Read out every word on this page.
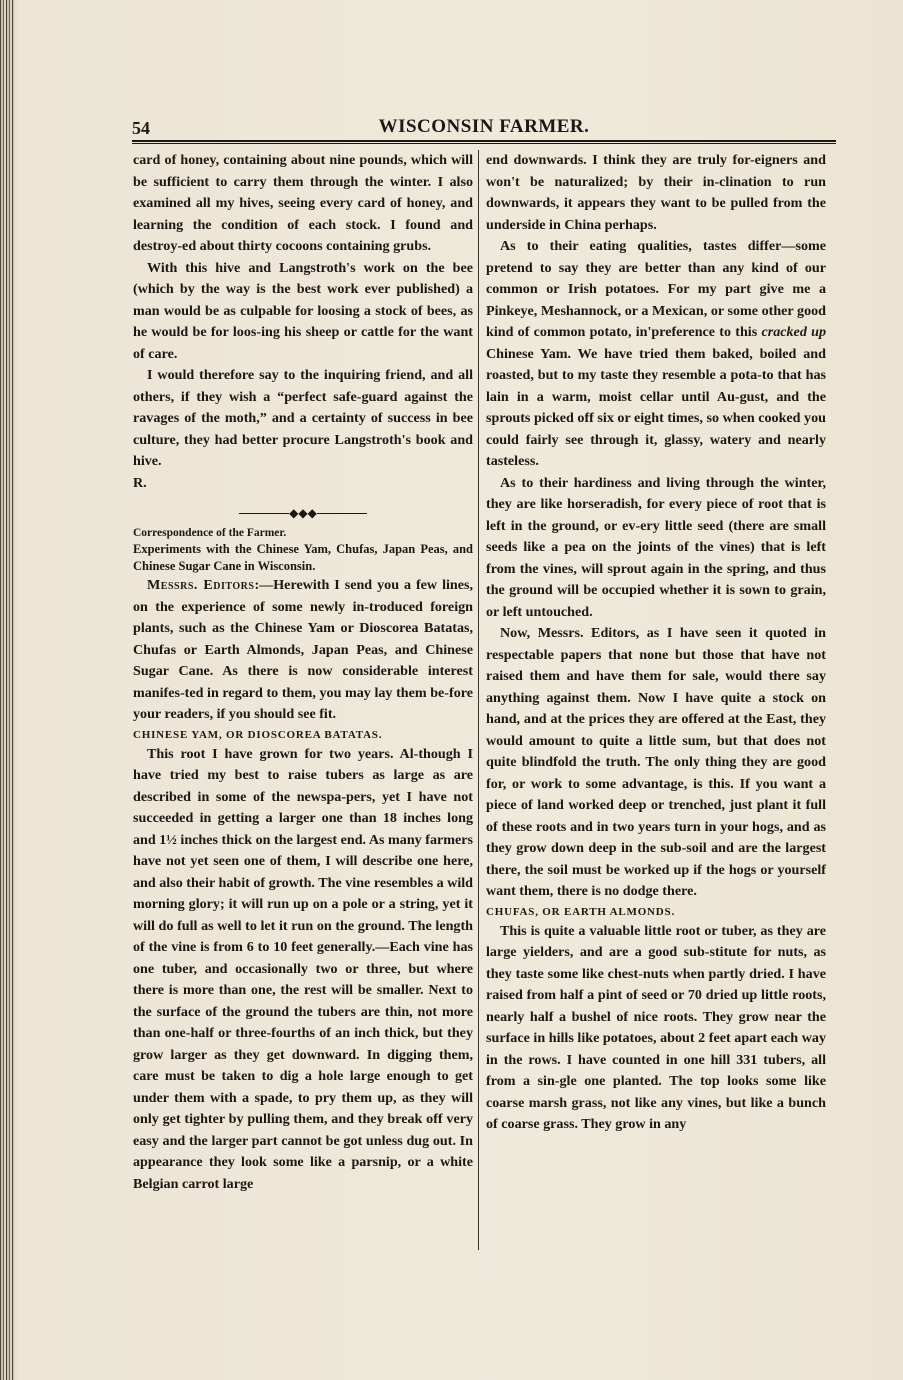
54	WISCONSIN FARMER.

card of honey, containing about nine pounds, which will be sufficient to carry them through the winter. I also examined all my hives, seeing every card of honey, and learning the condition of each stock. I found and destroy-ed about thirty cocoons containing grubs.

With this hive and Langstroth's work on the bee (which by the way is the best work ever published) a man would be as culpable for loosing a stock of bees, as he would be for loos-ing his sheep or cattle for the want of care.

I would therefore say to the inquiring friend, and all others, if they wish a “perfect safe-guard against the ravages of the moth,” and a certainty of success in bee culture, they had better procure Langstroth's book and hive.

R.

◆◆◆

Correspondence of the Farmer.

Experiments with the Chinese Yam, Chufas, Japan Peas, and Chinese Sugar Cane in Wisconsin.

Messrs. Editors:—Herewith I send you a few lines, on the experience of some newly in-troduced foreign plants, such as the Chinese Yam or Dioscorea Batatas, Chufas or Earth Almonds, Japan Peas, and Chinese Sugar Cane. As there is now considerable interest manifes-ted in regard to them, you may lay them be-fore your readers, if you should see fit.

CHINESE YAM, OR DIOSCOREA BATATAS.

This root I have grown for two years. Al-though I have tried my best to raise tubers as large as are described in some of the newspa-pers, yet I have not succeeded in getting a larger one than 18 inches long and 1½ inches thick on the largest end. As many farmers have not yet seen one of them, I will describe one here, and also their habit of growth. The vine resembles a wild morning glory; it will run up on a pole or a string, yet it will do full as well to let it run on the ground. The length of the vine is from 6 to 10 feet generally.—Each vine has one tuber, and occasionally two or three, but where there is more than one, the rest will be smaller. Next to the surface of the ground the tubers are thin, not more than one-half or three-fourths of an inch thick, but they grow larger as they get downward. In digging them, care must be taken to dig a hole large enough to get under them with a spade, to pry them up, as they will only get tighter by pulling them, and they break off very easy and the larger part cannot be got unless dug out. In appearance they look some like a parsnip, or a white Belgian carrot large

end downwards. I think they are truly for-eigners and won't be naturalized; by their in-clination to run downwards, it appears they want to be pulled from the underside in China perhaps.

As to their eating qualities, tastes differ—some pretend to say they are better than any kind of our common or Irish potatoes. For my part give me a Pinkeye, Meshannock, or a Mexican, or some other good kind of common potato, in'preference to this cracked up Chinese Yam. We have tried them baked, boiled and roasted, but to my taste they resemble a pota-to that has lain in a warm, moist cellar until Au-gust, and the sprouts picked off six or eight times, so when cooked you could fairly see through it, glassy, watery and nearly tasteless.

As to their hardiness and living through the winter, they are like horseradish, for every piece of root that is left in the ground, or ev-ery little seed (there are small seeds like a pea on the joints of the vines) that is left from the vines, will sprout again in the spring, and thus the ground will be occupied whether it is sown to grain, or left untouched.

Now, Messrs. Editors, as I have seen it quoted in respectable papers that none but those that have not raised them and have them for sale, would there say anything against them. Now I have quite a stock on hand, and at the prices they are offered at the East, they would amount to quite a little sum, but that does not quite blindfold the truth. The only thing they are good for, or work to some advantage, is this. If you want a piece of land worked deep or trenched, just plant it full of these roots and in two years turn in your hogs, and as they grow down deep in the sub-soil and are the largest there, the soil must be worked up if the hogs or yourself want them, there is no dodge there.

CHUFAS, OR EARTH ALMONDS.

This is quite a valuable little root or tuber, as they are large yielders, and are a good sub-stitute for nuts, as they taste some like chest-nuts when partly dried. I have raised from half a pint of seed or 70 dried up little roots, nearly half a bushel of nice roots. They grow near the surface in hills like potatoes, about 2 feet apart each way in the rows. I have counted in one hill 331 tubers, all from a sin-gle one planted. The top looks some like coarse marsh grass, not like any vines, but like a bunch of coarse grass. They grow in any
